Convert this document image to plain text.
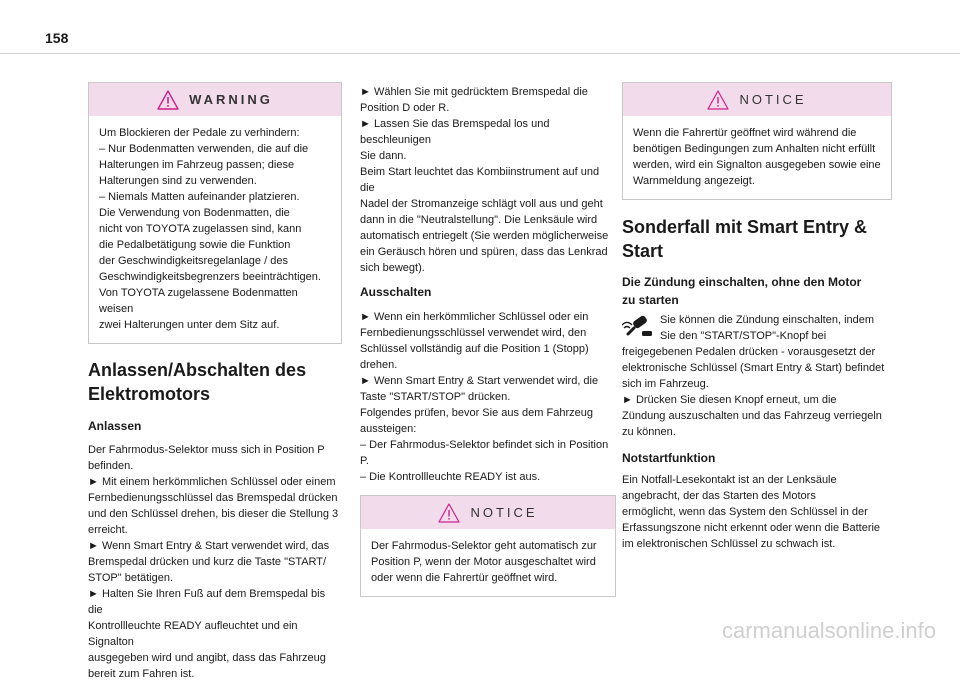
158
WARNING

Um Blockieren der Pedale zu verhindern:

– Nur Bodenmatten verwenden, die auf die

Halterungen im Fahrzeug passen; diese

Halterungen sind zu verwenden.

– Niemals Matten aufeinander platzieren.

Die Verwendung von Bodenmatten, die

nicht von TOYOTA zugelassen sind, kann

die Pedalbetätigung sowie die Funktion

der Geschwindigkeitsregelanlage / des

Geschwindigkeitsbegrenzers beeinträchtigen.

Von TOYOTA zugelassene Bodenmatten weisen

zwei Halterungen unter dem Sitz auf.

Anlassen/Abschalten des

Elektromotors

Anlassen

Der Fahrmodus-Selektor muss sich in Position P

befinden.

► Mit einem herkömmlichen Schlüssel oder einem

Fernbedienungsschlüssel das Bremspedal drücken

und den Schlüssel drehen, bis dieser die Stellung 3

erreicht.

► Wenn Smart Entry & Start verwendet wird, das

Bremspedal drücken und kurz die Taste "START/

STOP" betätigen.

► Halten Sie Ihren Fuß auf dem Bremspedal bis die

Kontrollleuchte READY aufleuchtet und ein Signalton

ausgegeben wird und angibt, dass das Fahrzeug

bereit zum Fahren ist.

► Wählen Sie mit gedrücktem Bremspedal die

Position D oder R.

► Lassen Sie das Bremspedal los und beschleunigen

Sie dann.

Beim Start leuchtet das Kombiinstrument auf und die

Nadel der Stromanzeige schlägt voll aus und geht

dann in die "Neutralstellung". Die Lenksäule wird

automatisch entriegelt (Sie werden möglicherweise

ein Geräusch hören und spüren, dass das Lenkrad

sich bewegt).

Ausschalten

► Wenn ein herkömmlicher Schlüssel oder ein

Fernbedienungsschlüssel verwendet wird, den

Schlüssel vollständig auf die Position 1 (Stopp)

drehen.

► Wenn Smart Entry & Start verwendet wird, die

Taste "START/STOP" drücken.

Folgendes prüfen, bevor Sie aus dem Fahrzeug

aussteigen:

– Der Fahrmodus-Selektor befindet sich in Position P.

– Die Kontrollleuchte READY ist aus.

NOTICE

Der Fahrmodus-Selektor geht automatisch zur

Position P, wenn der Motor ausgeschaltet wird

oder wenn die Fahrertür geöffnet wird.

NOTICE

Wenn die Fahrertür geöffnet wird während die

benötigen Bedingungen zum Anhalten nicht erfüllt

werden, wird ein Signalton ausgegeben sowie eine

Warnmeldung angezeigt.

Sonderfall mit Smart Entry &

Start

Die Zündung einschalten, ohne den Motor

zu starten

Sie können die Zündung einschalten, indem

Sie den "START/STOP"-Knopf bei

freigegebenen Pedalen drücken - vorausgesetzt der

elektronische Schlüssel (Smart Entry & Start) befindet

sich im Fahrzeug.

► Drücken Sie diesen Knopf erneut, um die

Zündung auszuschalten und das Fahrzeug verriegeln

zu können.

Notstartfunktion

Ein Notfall-Lesekontakt ist an der Lenksäule

angebracht, der das Starten des Motors

ermöglicht, wenn das System den Schlüssel in der

Erfassungszone nicht erkennt oder wenn die Batterie

im elektronischen Schlüssel zu schwach ist.

carmanualsonline.info
